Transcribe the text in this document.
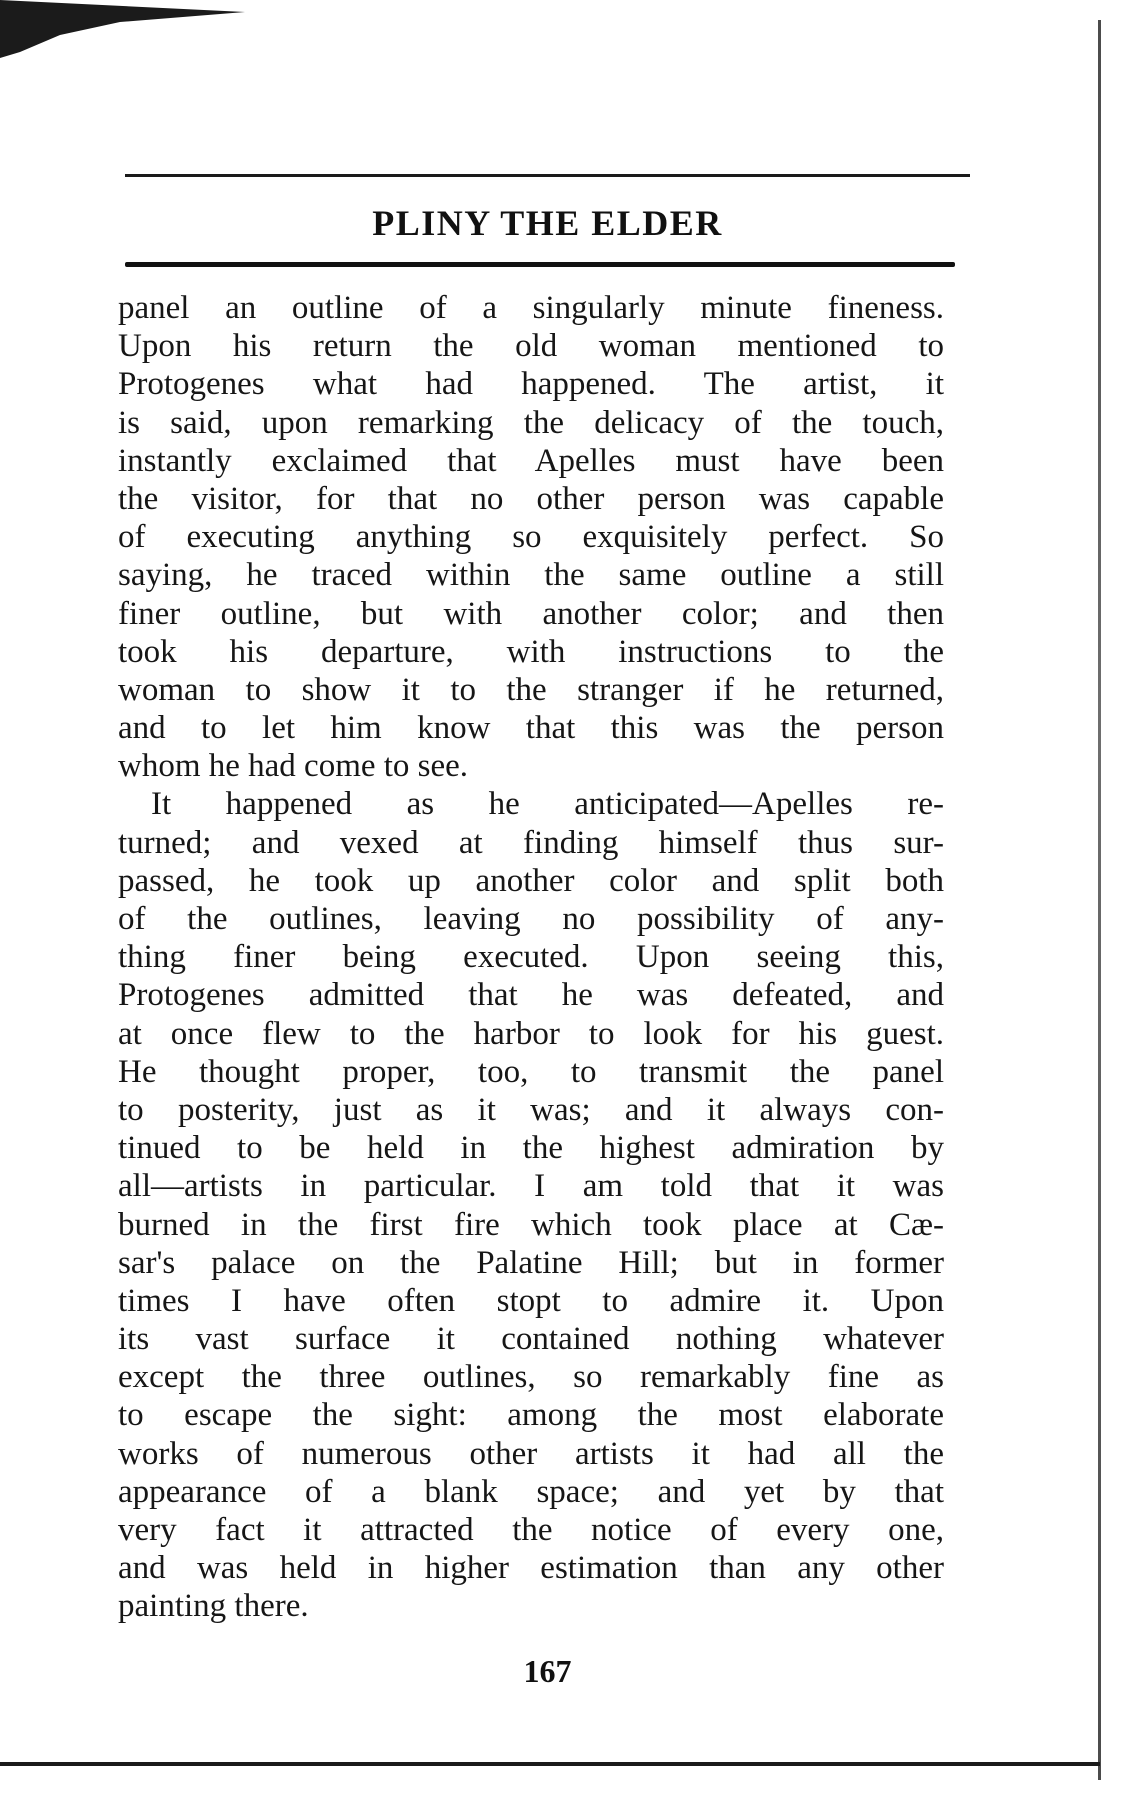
PLINY THE ELDER
panel an outline of a singularly minute fineness.
Upon his return the old woman mentioned to
Protogenes what had happened. The artist, it
is said, upon remarking the delicacy of the touch,
instantly exclaimed that Apelles must have been
the visitor, for that no other person was capable
of executing anything so exquisitely perfect. So
saying, he traced within the same outline a still
finer outline, but with another color; and then
took his departure, with instructions to the
woman to show it to the stranger if he returned,
and to let him know that this was the person
whom he had come to see.
It happened as he anticipated—Apelles re-
turned; and vexed at finding himself thus sur-
passed, he took up another color and split both
of the outlines, leaving no possibility of any-
thing finer being executed. Upon seeing this,
Protogenes admitted that he was defeated, and
at once flew to the harbor to look for his guest.
He thought proper, too, to transmit the panel
to posterity, just as it was; and it always con-
tinued to be held in the highest admiration by
all—artists in particular. I am told that it was
burned in the first fire which took place at Cæ-
sar's palace on the Palatine Hill; but in former
times I have often stopt to admire it. Upon
its vast surface it contained nothing whatever
except the three outlines, so remarkably fine as
to escape the sight: among the most elaborate
works of numerous other artists it had all the
appearance of a blank space; and yet by that
very fact it attracted the notice of every one,
and was held in higher estimation than any other
painting there.
167
